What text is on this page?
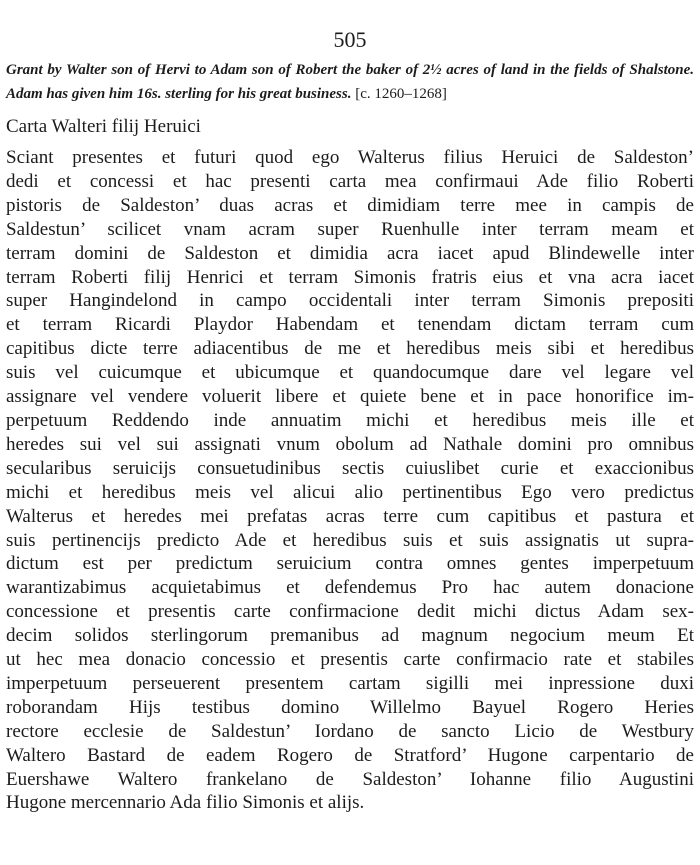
505

Grant by Walter son of Hervi to Adam son of Robert the baker of 2½ acres of land in the fields of Shalstone. Adam has given him 16s. sterling for his great business. [c. 1260–1268]

Carta Walteri filij Heruici
Sciant presentes et futuri quod ego Walterus filius Heruici de Saldeston’
dedi et concessi et hac presenti carta mea confirmaui Ade filio Roberti
pistoris de Saldeston’ duas acras et dimidiam terre mee in campis de
Saldestun’ scilicet vnam acram super Ruenhulle inter terram meam et
terram domini de Saldeston et dimidia acra iacet apud Blindewelle inter
terram Roberti filij Henrici et terram Simonis fratris eius et vna acra iacet
super Hangindelond in campo occidentali inter terram Simonis prepositi
et terram Ricardi Playdor Habendam et tenendam dictam terram cum
capitibus dicte terre adiacentibus de me et heredibus meis sibi et heredibus
suis vel cuicumque et ubicumque et quandocumque dare vel legare vel
assignare vel vendere voluerit libere et quiete bene et in pace honorifice im-
perpetuum Reddendo inde annuatim michi et heredibus meis ille et
heredes sui vel sui assignati vnum obolum ad Nathale domini pro omnibus
secularibus seruicijs consuetudinibus sectis cuiuslibet curie et exaccionibus
michi et heredibus meis vel alicui alio pertinentibus Ego vero predictus
Walterus et heredes mei prefatas acras terre cum capitibus et pastura et
suis pertinencijs predicto Ade et heredibus suis et suis assignatis ut supra-
dictum est per predictum seruicium contra omnes gentes imperpetuum
warantizabimus acquietabimus et defendemus Pro hac autem donacione
concessione et presentis carte confirmacione dedit michi dictus Adam sex-
decim solidos sterlingorum premanibus ad magnum negocium meum Et
ut hec mea donacio concessio et presentis carte confirmacio rate et stabiles
imperpetuum perseuerent presentem cartam sigilli mei inpressione duxi
roborandam Hijs testibus domino Willelmo Bayuel Rogero Heries
rectore ecclesie de Saldestun’ Iordano de sancto Licio de Westbury
Waltero Bastard de eadem Rogero de Stratford’ Hugone carpentario de
Euershawe Waltero frankelano de Saldeston’ Iohanne filio Augustini
Hugone mercennario Ada filio Simonis et alijs.
